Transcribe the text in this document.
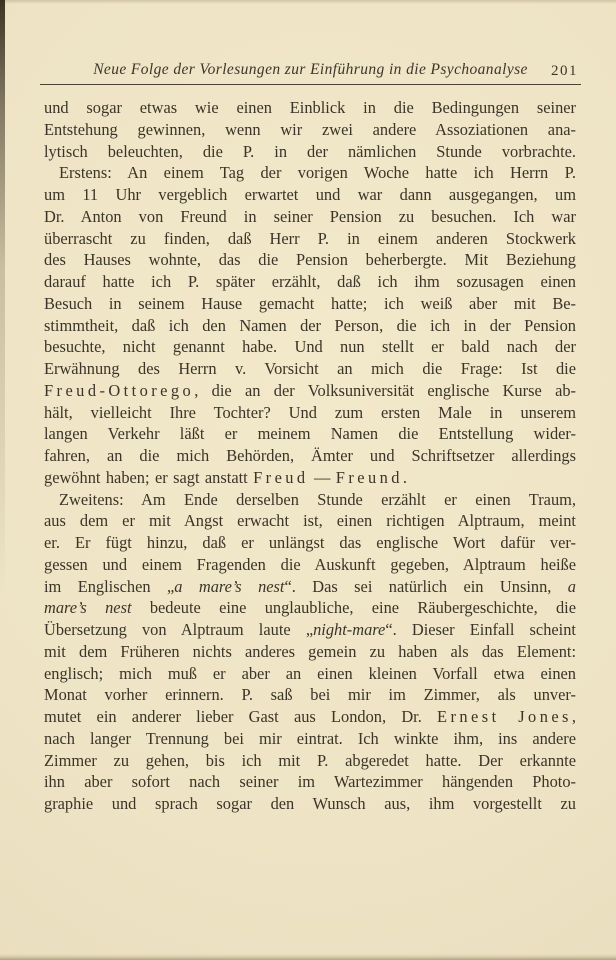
Neue Folge der Vorlesungen zur Einführung in die Psychoanalyse 201
und sogar etwas wie einen Einblick in die Bedingungen seiner
Entstehung gewinnen, wenn wir zwei andere Assoziationen ana-
lytisch beleuchten, die P. in der nämlichen Stunde vorbrachte.
Erstens: An einem Tag der vorigen Woche hatte ich Herrn P.
um 11 Uhr vergeblich erwartet und war dann ausgegangen, um
Dr. Anton von Freund in seiner Pension zu besuchen. Ich war
überrascht zu finden, daß Herr P. in einem anderen Stockwerk
des Hauses wohnte, das die Pension beherbergte. Mit Beziehung
darauf hatte ich P. später erzählt, daß ich ihm sozusagen einen
Besuch in seinem Hause gemacht hatte; ich weiß aber mit Be-
stimmtheit, daß ich den Namen der Person, die ich in der Pension
besuchte, nicht genannt habe. Und nun stellt er bald nach der
Erwähnung des Herrn v. Vorsicht an mich die Frage: Ist die
Freud-Ottorego, die an der Volksuniversität englische Kurse ab-
hält, vielleicht Ihre Tochter? Und zum ersten Male in unserem
langen Verkehr läßt er meinem Namen die Entstellung wider-
fahren, an die mich Behörden, Ämter und Schriftsetzer allerdings
gewöhnt haben; er sagt anstatt Freud — Freund.
Zweitens: Am Ende derselben Stunde erzählt er einen Traum,
aus dem er mit Angst erwacht ist, einen richtigen Alptraum, meint
er. Er fügt hinzu, daß er unlängst das englische Wort dafür ver-
gessen und einem Fragenden die Auskunft gegeben, Alptraum heiße
im Englischen „a mare’s nest“. Das sei natürlich ein Unsinn, a
mare’s nest bedeute eine unglaubliche, eine Räubergeschichte, die
Übersetzung von Alptraum laute „night-mare“. Dieser Einfall scheint
mit dem Früheren nichts anderes gemein zu haben als das Element:
englisch; mich muß er aber an einen kleinen Vorfall etwa einen
Monat vorher erinnern. P. saß bei mir im Zimmer, als unver-
mutet ein anderer lieber Gast aus London, Dr. Ernest Jones,
nach langer Trennung bei mir eintrat. Ich winkte ihm, ins andere
Zimmer zu gehen, bis ich mit P. abgeredet hatte. Der erkannte
ihn aber sofort nach seiner im Wartezimmer hängenden Photo-
graphie und sprach sogar den Wunsch aus, ihm vorgestellt zu
